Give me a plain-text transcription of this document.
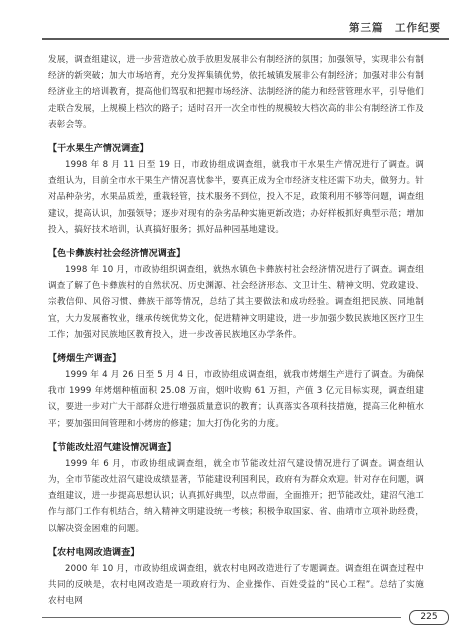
第三篇　工作纪要
发展，调查组建议，进一步营造放心放手放胆发展非公有制经济的氛围；加强领导，实现非公有制经济的新突破；加大市场培育，充分发挥集镇优势，依托城镇发展非公有制经济；加强对非公有制经济业主的培训教育，提高他们驾驭和把握市场经济、法制经济的能力和经营管理水平，引导他们走联合发展，上规模上档次的路子；适时召开一次全市性的规模较大档次高的非公有制经济工作及表彰会等。
【干水果生产情况调查】
1998 年 8 月 11 日至 19 日，市政协组成调查组，就我市干水果生产情况进行了调查。调查组认为，目前全市水干果生产情况喜忧参半，要真正成为全市经济支柱还需下功夫，做努力。针对品种杂劣，水果品质差，重栽轻管，技术服务不到位，投入不足，政策利用不够等问题，调查组建议，提高认识，加强领导；逐步对现有的杂劣品种实施更新改造；办好样板抓好典型示范；增加投入，搞好技术培训，认真搞好服务；抓好品种园基地建设。
【色卡彝族村社会经济情况调查】
1998 年 10 月，市政协组织调查组，就热水镇色卡彝族村社会经济情况进行了调查。调查组调查了解了色卡彝族村的自然状况、历史渊源、社会经济形态、文卫计生、精神文明、党政建设、宗教信仰、风俗习惯、彝族干部等情况，总结了其主要做法和成功经验。调查组把民族、同地制宜，大力发展畜牧业，继承传统优势文化，促进精神文明建设，进一步加强少数民族地区医疗卫生工作；加强对民族地区教育投入，进一步改善民族地区办学条件。
【烤烟生产调查】
1999 年 4 月 26 日至 5 月 4 日，市政协组成调查组，就我市烤烟生产进行了调查。为确保我市 1999 年烤烟种植面积 25.08 万亩，烟叶收购 61 万担，产值 3 亿元目标实现，调查组建议，要进一步对广大干部群众进行增强质量意识的教育；认真落实各项科技措施，提高三化种植水平；要加强田间管理和小烤房的修建；加大打伪化劣的力度。
【节能改灶沼气建设情况调查】
1999 年 6 月，市政协组成调查组，就全市节能改灶沼气建设情况进行了调查。调查组认为，全市节能改灶沼气建设成绩显著，节能建设利国利民，政府有为群众欢迎。针对存在问题，调查组建议，进一步提高思想认识；认真抓好典型，以点带面，全面推开；把节能改灶，建沼气池工作与部门工作有机结合，纳入精神文明建设统一考核；积极争取国家、省、曲靖市立项补助经费，以解决资金困难的问题。
【农村电网改造调查】
2000 年 10 月，市政协组成调查组，就农村电网改造进行了专题调查。调查组在调查过程中共同的反映是，农村电网改造是一项政府行为、企业操作、百姓受益的“民心工程”。总结了实施农村电网
225
